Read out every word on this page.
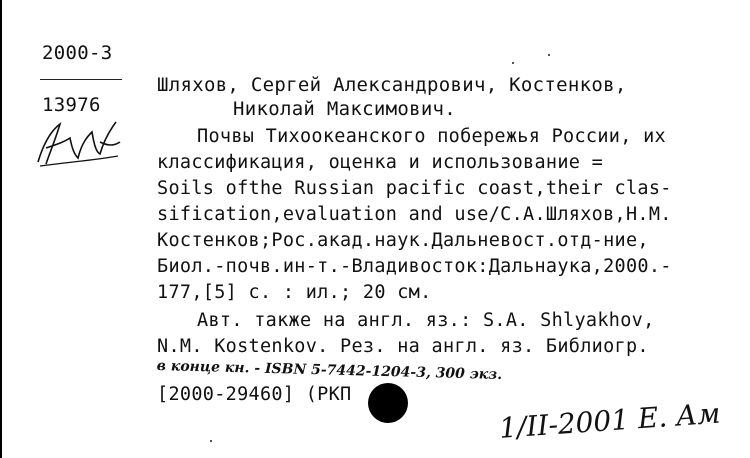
2000-3
13976
Шляхов, Сергей Александрович, Костенков,
Николай Максимович.
Почвы Тихоокеанского побережья России, их
классификация, оценка и использование =
Soils ofthe Russian pacific coast,their clas-
sification,evaluation and use/С.А.Шляхов,Н.М.
Костенков;Рос.акад.наук.Дальневост.отд-ние,
Биол.-почв.ин-т.-Владивосток:Дальнаука,2000.-
177,[5] с. : ил.; 20 см.
Авт. также на англ. яз.: S.A. Shlyakhov,
N.M. Kostenkov. Рез. на англ. яз. Библиогр.
в конце кн. - ISBN 5-7442-1204-3, 300 экз.
[2000-29460] (РКП
1/II-2001 Е. Ам
